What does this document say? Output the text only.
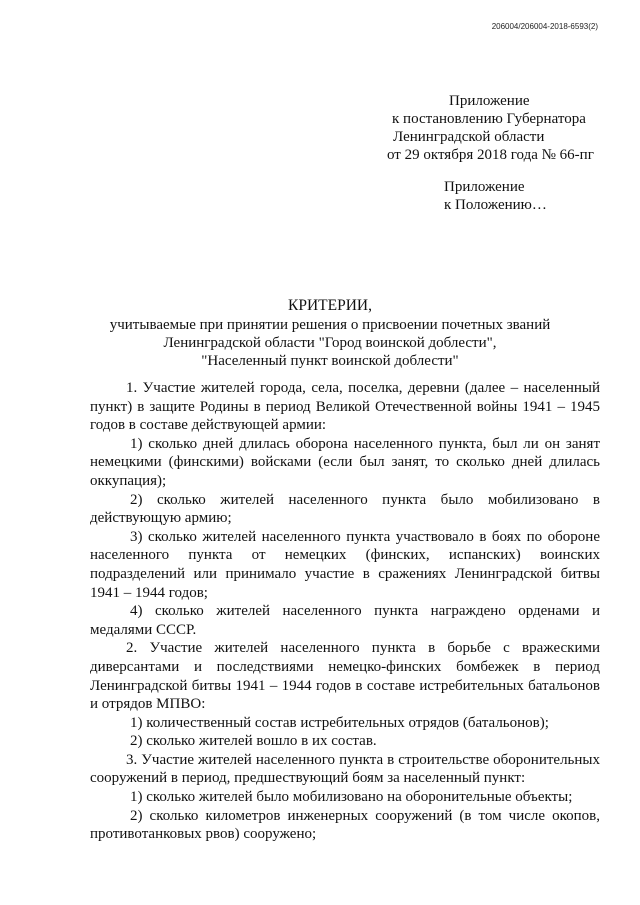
206004/206004-2018-6593(2)
Приложение
к постановлению Губернатора
Ленинградской области
от 29 октября 2018 года № 66-пг
Приложение
к Положению…
КРИТЕРИИ,
учитываемые при принятии решения о присвоении почетных званий
Ленинградской области "Город воинской доблести",
"Населенный пункт воинской доблести"

1. Участие жителей города, села, поселка, деревни (далее – населенный пункт) в защите Родины в период Великой Отечественной войны 1941 – 1945 годов в составе действующей армии:

1) сколько дней длилась оборона населенного пункта, был ли он занят немецкими (финскими) войсками (если был занят, то сколько дней длилась оккупация);

2) сколько жителей населенного пункта было мобилизовано в действующую армию;

3) сколько жителей населенного пункта участвовало в боях по обороне населенного пункта от немецких (финских, испанских) воинских подразделений или принимало участие в сражениях Ленинградской битвы 1941 – 1944 годов;

4) сколько жителей населенного пункта награждено орденами и медалями СССР.

2. Участие жителей населенного пункта в борьбе с вражескими диверсантами и последствиями немецко-финских бомбежек в период Ленинградской битвы 1941 – 1944 годов в составе истребительных батальонов и отрядов МПВО:

1) количественный состав истребительных отрядов (батальонов);

2) сколько жителей вошло в их состав.

3. Участие жителей населенного пункта в строительстве оборонительных сооружений в период, предшествующий боям за населенный пункт:

1) сколько жителей было мобилизовано на оборонительные объекты;

2) сколько километров инженерных сооружений (в том числе окопов, противотанковых рвов) сооружено;
